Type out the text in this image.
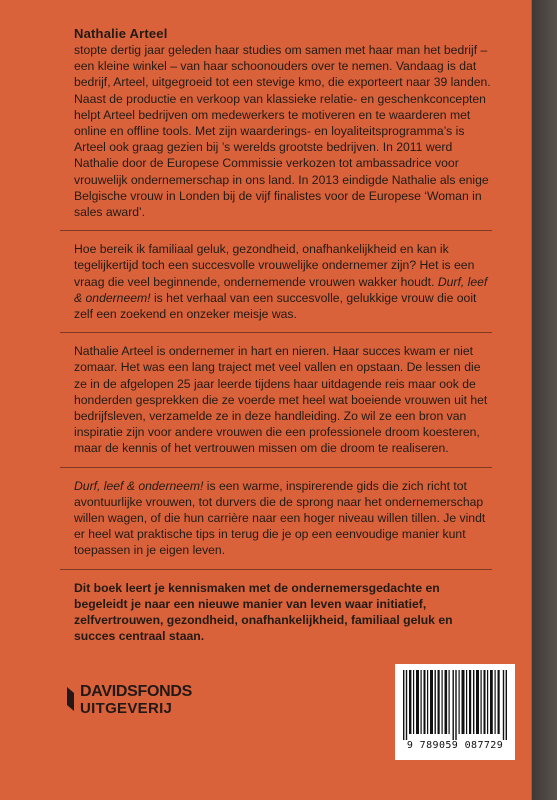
Nathalie Arteel

stopte dertig jaar geleden haar studies om samen met haar man het bedrijf – een kleine winkel – van haar schoonouders over te nemen. Vandaag is dat bedrijf, Arteel, uitgegroeid tot een stevige kmo, die exporteert naar 39 landen. Naast de productie en verkoop van klassieke relatie- en geschenkconcepten helpt Arteel bedrijven om medewerkers te motiveren en te waarderen met online en offline tools. Met zijn waarderings- en loyaliteitsprogramma’s is Arteel ook graag gezien bij ’s werelds grootste bedrijven. In 2011 werd Nathalie door de Europese Commissie verkozen tot ambassadrice voor vrouwelijk ondernemerschap in ons land. In 2013 eindigde Nathalie als enige Belgische vrouw in Londen bij de vijf finalistes voor de Europese ‘Woman in sales award’.

Hoe bereik ik familiaal geluk, gezondheid, onafhankelijkheid en kan ik tegelijkertijd toch een succesvolle vrouwelijke ondernemer zijn? Het is een vraag die veel beginnende, ondernemende vrouwen wakker houdt. Durf, leef & onderneem! is het verhaal van een succesvolle, gelukkige vrouw die ooit zelf een zoekend en onzeker meisje was.

Nathalie Arteel is ondernemer in hart en nieren. Haar succes kwam er niet zomaar. Het was een lang traject met veel vallen en opstaan. De lessen die ze in de afgelopen 25 jaar leerde tijdens haar uitdagende reis maar ook de honderden gesprekken die ze voerde met heel wat boeiende vrouwen uit het bedrijfsleven, verzamelde ze in deze handleiding. Zo wil ze een bron van inspiratie zijn voor andere vrouwen die een professionele droom koesteren, maar de kennis of het vertrouwen missen om die droom te realiseren.

Durf, leef & onderneem! is een warme, inspirerende gids die zich richt tot avontuurlijke vrouwen, tot durvers die de sprong naar het ondernemerschap willen wagen, of die hun carrière naar een hoger niveau willen tillen. Je vindt er heel wat praktische tips in terug die je op een eenvoudige manier kunt toepassen in je eigen leven.

Dit boek leert je kennismaken met de ondernemersgedachte en begeleidt je naar een nieuwe manier van leven waar initiatief, zelfvertrouwen, gezondheid, onafhankelijkheid, familiaal geluk en succes centraal staan.

DAVIDSFONDS
UITGEVERIJ
9 789059 087729
